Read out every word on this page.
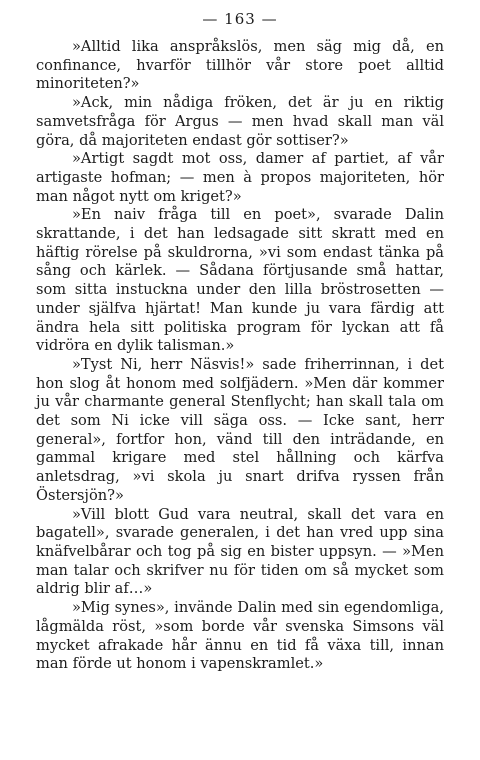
— 163 —

»Alltid lika anspråkslös, men säg mig då, en confinance, hvarför tillhör vår store poet alltid minoriteten?»

»Ack, min nådiga fröken, det är ju en riktig samvetsfråga för Argus — men hvad skall man väl göra, då majoriteten endast gör sottiser?»

»Artigt sagdt mot oss, damer af partiet, af vår artigaste hofman; — men à propos majoriteten, hör man något nytt om kriget?»

»En naiv fråga till en poet», svarade Dalin skrattande, i det han ledsagade sitt skratt med en häftig rörelse på skuldrorna, »vi som endast tänka på sång och kärlek. — Sådana förtjusande små hattar, som sitta instuckna under den lilla bröstrosetten — under själfva hjärtat! Man kunde ju vara färdig att ändra hela sitt politiska program för lyckan att få vidröra en dylik talisman.»

»Tyst Ni, herr Näsvis!» sade friherrinnan, i det hon slog åt honom med solfjädern. »Men där kommer ju vår charmante general Stenflycht; han skall tala om det som Ni icke vill säga oss. — Icke sant, herr general», fortfor hon, vänd till den inträdande, en gammal krigare med stel hållning och kärfva anletsdrag, »vi skola ju snart drifva ryssen från Östersjön?»

»Vill blott Gud vara neutral, skall det vara en bagatell», svarade generalen, i det han vred upp sina knäfvelbårar och tog på sig en bister uppsyn. — »Men man talar och skrifver nu för tiden om så mycket som aldrig blir af…»

»Mig synes», invände Dalin med sin egendomliga, lågmälda röst, »som borde vår svenska Simsons väl mycket afrakade hår ännu en tid få växa till, innan man förde ut honom i vapenskramlet.»
